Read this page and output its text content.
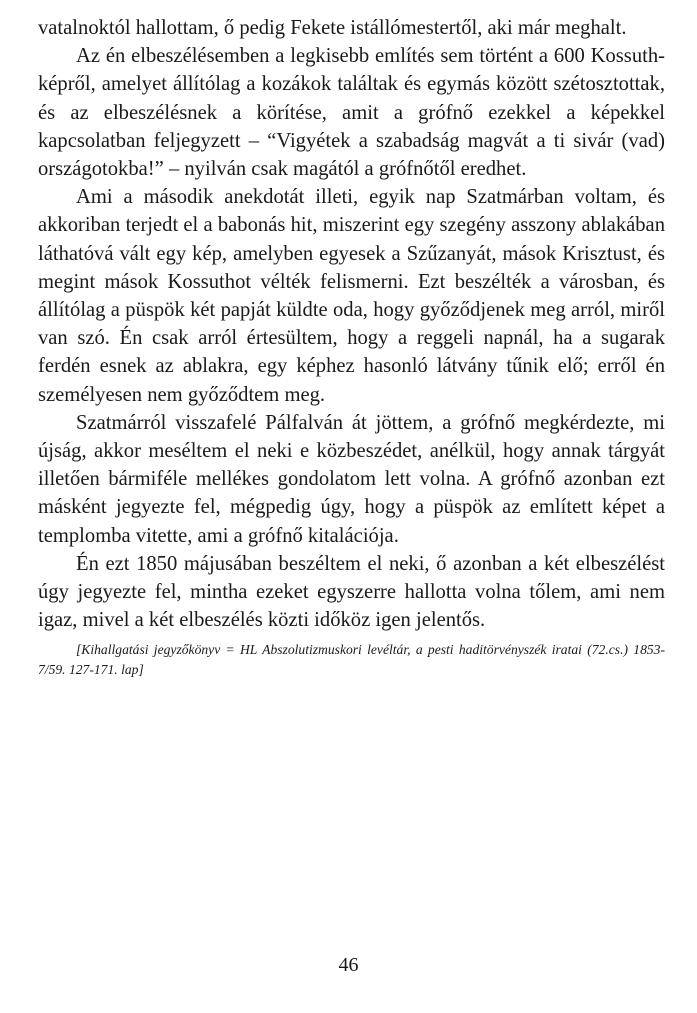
vatalnoktól hallottam, ő pedig Fekete istállómestertől, aki már meghalt.

Az én elbeszélésemben a legkisebb említés sem történt a 600 Kossuth-képről, amelyet állítólag a kozákok találtak és egymás között szétosztottak, és az elbeszélésnek a körítése, amit a grófnő ezekkel a képekkel kapcsolatban feljegyzett – “Vigyétek a szabadság magvát a ti sivár (vad) országotokba!” – nyilván csak magától a grófnőtől eredhet.

Ami a második anekdotát illeti, egyik nap Szatmárban voltam, és akkoriban terjedt el a babonás hit, miszerint egy szegény asszony ablakában láthatóvá vált egy kép, amelyben egyesek a Szűzanyát, mások Krisztust, és megint mások Kossuthot vélték felismerni. Ezt beszélték a városban, és állítólag a püspök két papját küldte oda, hogy győződjenek meg arról, miről van szó. Én csak arról értesültem, hogy a reggeli napnál, ha a sugarak ferdén esnek az ablakra, egy képhez hasonló látvány tűnik elő; erről én személyesen nem győződtem meg.

Szatmárról visszafelé Pálfalván át jöttem, a grófnő megkérdezte, mi újság, akkor meséltem el neki e közbeszédet, anélkül, hogy annak tárgyát illetően bármiféle mellékes gondolatom lett volna. A grófnő azonban ezt másként jegyezte fel, mégpedig úgy, hogy a püspök az említett képet a templomba vitette, ami a grófnő kitalációja.

Én ezt 1850 májusában beszéltem el neki, ő azonban a két elbeszélést úgy jegyezte fel, mintha ezeket egyszerre hallotta volna tőlem, ami nem igaz, mivel a két elbeszélés közti időköz igen jelentős.

[Kihallgatási jegyzőkönyv = HL Abszolutizmuskori levéltár, a pesti haditörvényszék iratai (72.cs.) 1853-7/59. 127-171. lap]

46
